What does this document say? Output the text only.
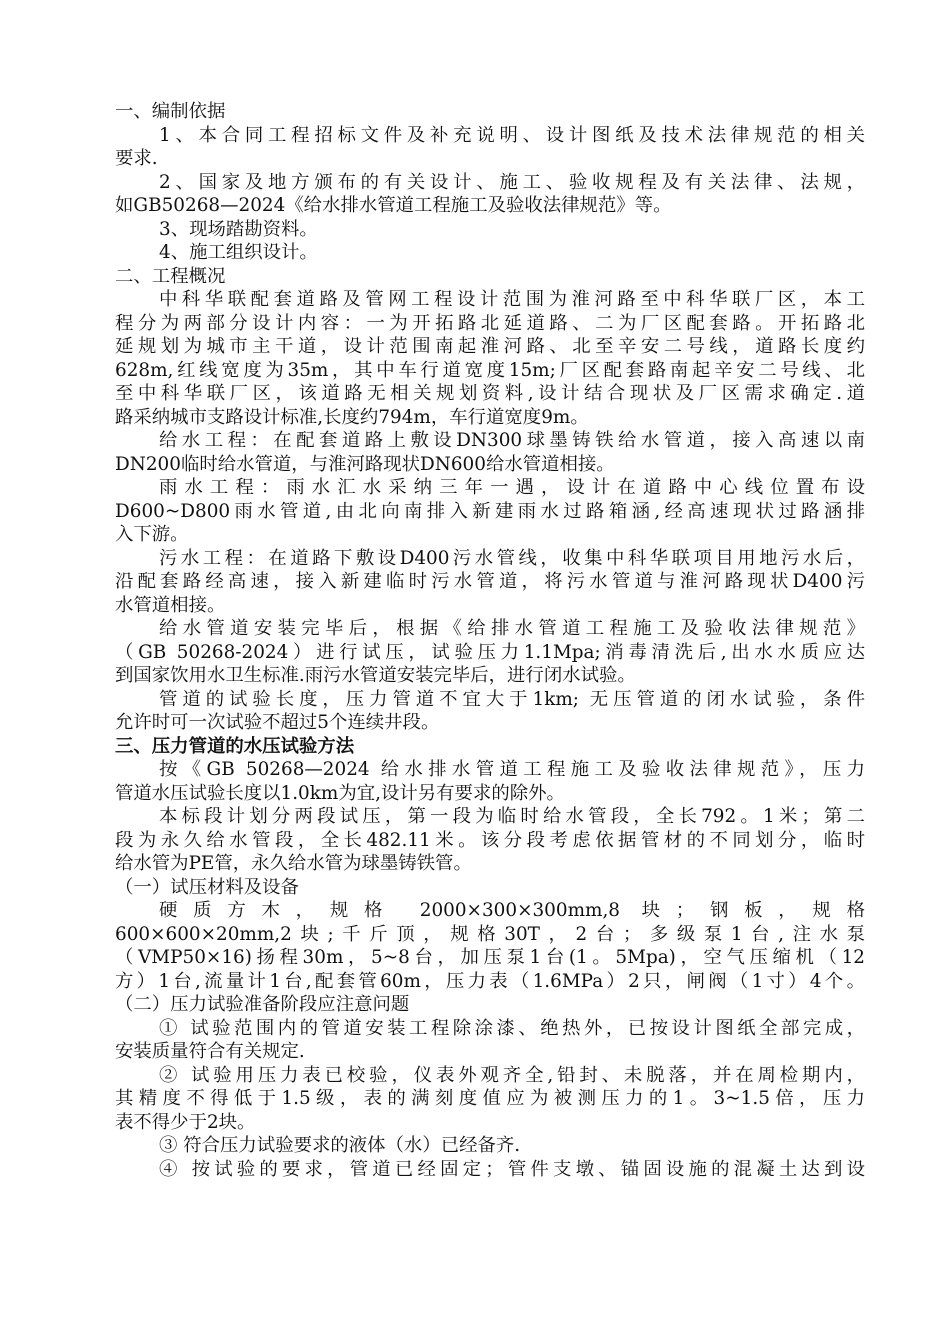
一、编制依据
1、本合同工程招标文件及补充说明、设计图纸及技术法律规范的相关
要求.
2、国家及地方颁布的有关设计、施工、验收规程及有关法律、法规，
如GB50268—2024《给水排水管道工程施工及验收法律规范》等。
3、现场踏勘资料。
4、施工组织设计。
二、工程概况
中科华联配套道路及管网工程设计范围为淮河路至中科华联厂区，本工
程分为两部分设计内容：一为开拓路北延道路、二为厂区配套路。开拓路北
延规划为城市主干道，设计范围南起淮河路、北至辛安二号线，道路长度约
628m,红线宽度为35m，其中车行道宽度15m;厂区配套路南起辛安二号线、北
至中科华联厂区，该道路无相关规划资料,设计结合现状及厂区需求确定.道
路采纳城市支路设计标准,长度约794m，车行道宽度9m。
给水工程：在配套道路上敷设DN300球墨铸铁给水管道，接入高速以南
DN200临时给水管道，与淮河路现状DN600给水管道相接。
雨水工程：雨水汇水采纳三年一遇，设计在道路中心线位置布设
D600~D800雨水管道,由北向南排入新建雨水过路箱涵,经高速现状过路涵排
入下游。
污水工程：在道路下敷设D400污水管线，收集中科华联项目用地污水后，
沿配套路经高速，接入新建临时污水管道，将污水管道与淮河路现状D400污
水管道相接。
给水管道安装完毕后，根据《给排水管道工程施工及验收法律规范》
（GB 50268-2024）进行试压，试验压力1.1Mpa;消毒清洗后,出水水质应达
到国家饮用水卫生标准.雨污水管道安装完毕后，进行闭水试验。
管道的试验长度，压力管道不宜大于1km; 无压管道的闭水试验，条件
允许时可一次试验不超过5个连续井段。
三、压力管道的水压试验方法
按《GB 50268—2024 给水排水管道工程施工及验收法律规范》，压力
管道水压试验长度以1.0km为宜,设计另有要求的除外。
本标段计划分两段试压，第一段为临时给水管段，全长792。1米；第二
段为永久给水管段，全长482.11米。该分段考虑依据管材的不同划分，临时
给水管为PE管，永久给水管为球墨铸铁管。
（一）试压材料及设备
硬质方木，规格 2000×300×300mm,8 块；钢板，规格
600×600×20mm,2块;千斤顶，规格30T，2台；多级泵1台,注水泵
（VMP50×16)扬程30m，5~8台，加压泵1台(1。5Mpa)，空气压缩机（12
方）1台,流量计1台,配套管60m，压力表（1.6MPa）2只，闸阀（1寸）4个。
（二）压力试验准备阶段应注意问题
① 试验范围内的管道安装工程除涂漆、绝热外，已按设计图纸全部完成，
安装质量符合有关规定.
② 试验用压力表已校验，仪表外观齐全,铅封、未脱落，并在周检期内，
其精度不得低于1.5级，表的满刻度值应为被测压力的1。3~1.5倍，压力
表不得少于2块。
③ 符合压力试验要求的液体（水）已经备齐.
④ 按试验的要求，管道已经固定；管件支墩、锚固设施的混凝土达到设
